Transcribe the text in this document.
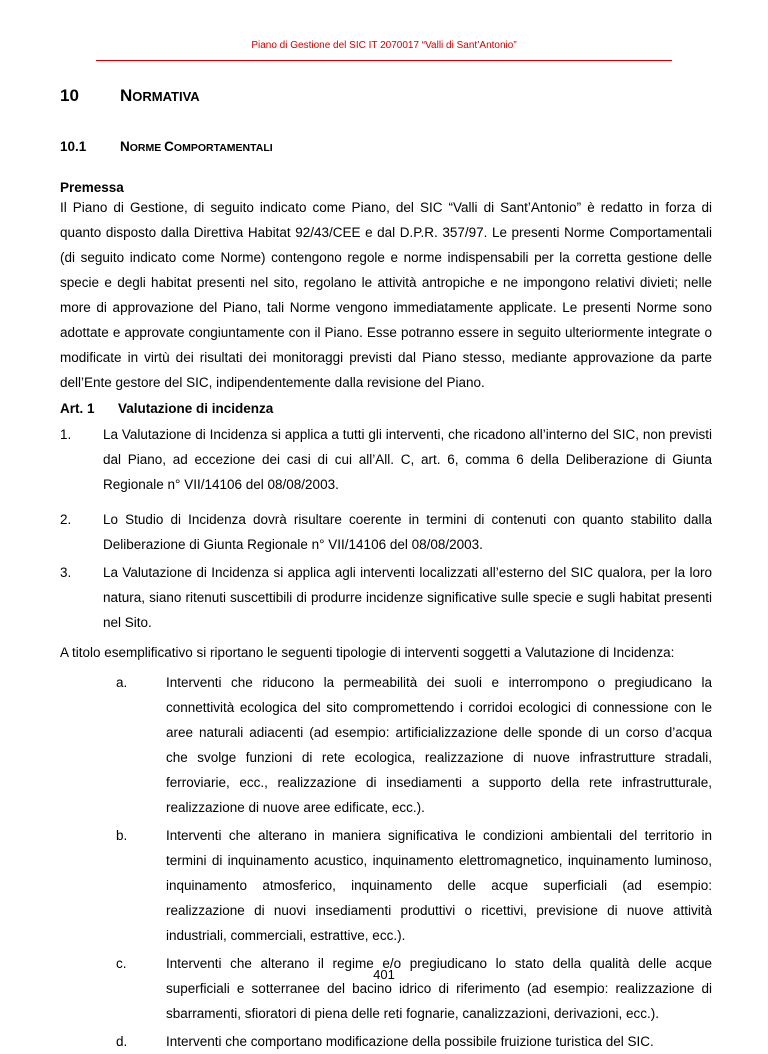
Piano di Gestione del SIC IT 2070017 “Valli di Sant’Antonio”
10 NORMATIVA
10.1 NORME COMPORTAMENTALI
Premessa

Il Piano di Gestione, di seguito indicato come Piano, del SIC “Valli di Sant’Antonio” è redatto in forza di quanto disposto dalla Direttiva Habitat 92/43/CEE e dal D.P.R. 357/97. Le presenti Norme Comportamentali (di seguito indicato come Norme) contengono regole e norme indispensabili per la corretta gestione delle specie e degli habitat presenti nel sito, regolano le attività antropiche e ne impongono relativi divieti; nelle more di approvazione del Piano, tali Norme vengono immediatamente applicate. Le presenti Norme sono adottate e approvate congiuntamente con il Piano. Esse potranno essere in seguito ulteriormente integrate o modificate in virtù dei risultati dei monitoraggi previsti dal Piano stesso, mediante approvazione da parte dell’Ente gestore del SIC, indipendentemente dalla revisione del Piano.

Art. 1 Valutazione di incidenza
1. La Valutazione di Incidenza si applica a tutti gli interventi, che ricadono all’interno del SIC, non previsti dal Piano, ad eccezione dei casi di cui all’All. C, art. 6, comma 6 della Deliberazione di Giunta Regionale n° VII/14106 del 08/08/2003.
2. Lo Studio di Incidenza dovrà risultare coerente in termini di contenuti con quanto stabilito dalla Deliberazione di Giunta Regionale n° VII/14106 del 08/08/2003.
3. La Valutazione di Incidenza si applica agli interventi localizzati all’esterno del SIC qualora, per la loro natura, siano ritenuti suscettibili di produrre incidenze significative sulle specie e sugli habitat presenti nel Sito.
A titolo esemplificativo si riportano le seguenti tipologie di interventi soggetti a Valutazione di Incidenza:
a.	Interventi che riducono la permeabilità dei suoli e interrompono o pregiudicano la connettività ecologica del sito compromettendo i corridoi ecologici di connessione con le aree naturali adiacenti (ad esempio: artificializzazione delle sponde di un corso d’acqua che svolge funzioni di rete ecologica, realizzazione di nuove infrastrutture stradali, ferroviarie, ecc., realizzazione di insediamenti a supporto della rete infrastrutturale, realizzazione di nuove aree edificate, ecc.).
b.	Interventi che alterano in maniera significativa le condizioni ambientali del territorio in termini di inquinamento acustico, inquinamento elettromagnetico, inquinamento luminoso, inquinamento atmosferico, inquinamento delle acque superficiali (ad esempio: realizzazione di nuovi insediamenti produttivi o ricettivi, previsione di nuove attività industriali, commerciali, estrattive, ecc.).
c.	Interventi che alterano il regime e/o pregiudicano lo stato della qualità delle acque superficiali e sotterranee del bacino idrico di riferimento (ad esempio: realizzazione di sbarramenti, sfioratori di piena delle reti fognarie, canalizzazioni, derivazioni, ecc.).
d.	Interventi che comportano modificazione della possibile fruizione turistica del SIC.
401
